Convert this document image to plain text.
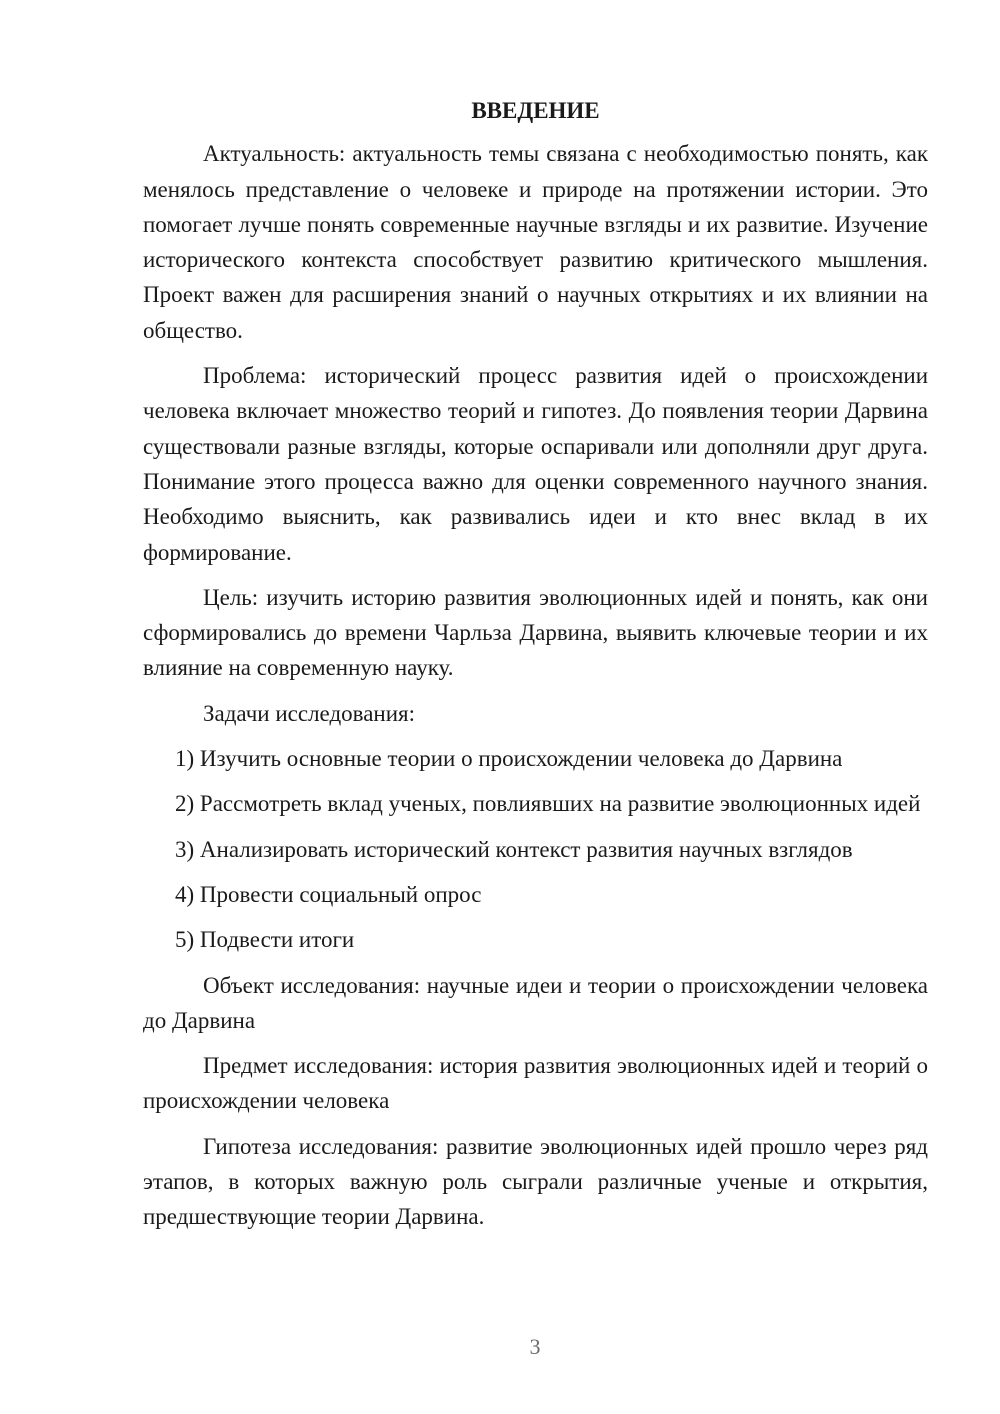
ВВЕДЕНИЕ

Актуальность: актуальность темы связана с необходимостью понять, как менялось представление о человеке и природе на протяжении истории. Это помогает лучше понять современные научные взгляды и их развитие. Изучение исторического контекста способствует развитию критического мышления. Проект важен для расширения знаний о научных открытиях и их влиянии на общество.

Проблема: исторический процесс развития идей о происхождении человека включает множество теорий и гипотез. До появления теории Дарвина существовали разные взгляды, которые оспаривали или дополняли друг друга. Понимание этого процесса важно для оценки современного научного знания. Необходимо выяснить, как развивались идеи и кто внес вклад в их формирование.

Цель: изучить историю развития эволюционных идей и понять, как они сформировались до времени Чарльза Дарвина, выявить ключевые теории и их влияние на современную науку.

Задачи исследования:

1) Изучить основные теории о происхождении человека до Дарвина

2) Рассмотреть вклад ученых, повлиявших на развитие эволюционных идей

3) Анализировать исторический контекст развития научных взглядов

4) Провести социальный опрос

5) Подвести итоги

Объект исследования: научные идеи и теории о происхождении человека до Дарвина

Предмет исследования: история развития эволюционных идей и теорий о происхождении человека

Гипотеза исследования: развитие эволюционных идей прошло через ряд этапов, в которых важную роль сыграли различные ученые и открытия, предшествующие теории Дарвина.

3
